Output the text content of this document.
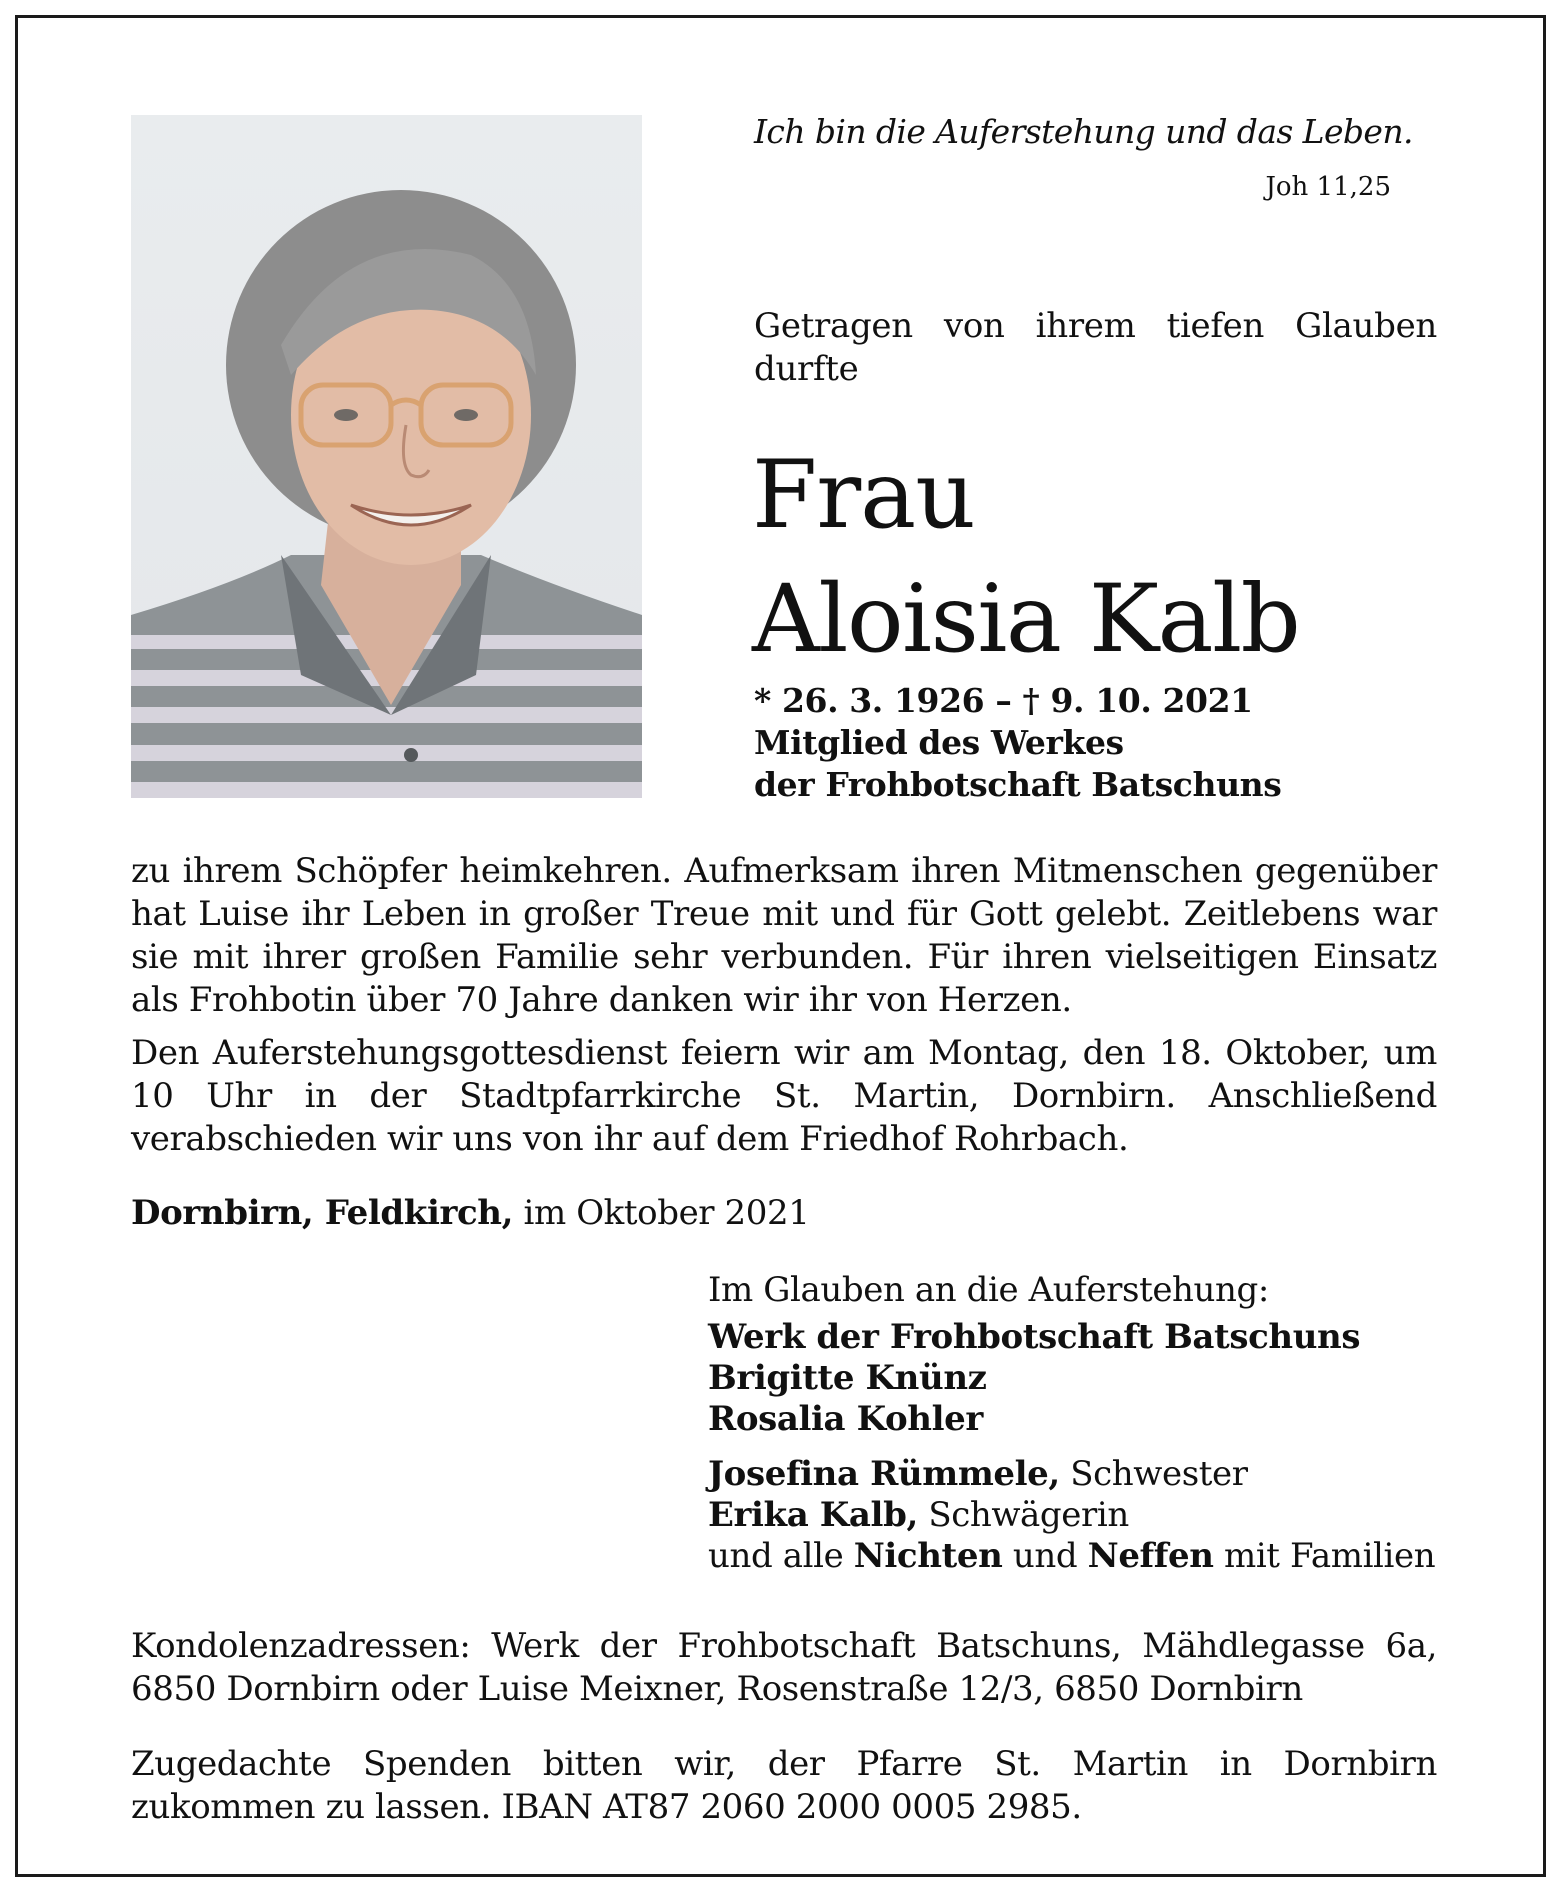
Ich bin die Auferstehung und das Leben.
Joh 11,25
Getragen von ihrem tiefen Glauben durfte
Frau
Aloisia Kalb
* 26. 3. 1926 – † 9. 10. 2021
Mitglied des Werkes
der Frohbotschaft Batschuns
zu ihrem Schöpfer heimkehren. Aufmerksam ihren Mitmenschen gegenüber hat Luise ihr Leben in großer Treue mit und für Gott gelebt. Zeitlebens war sie mit ihrer großen Familie sehr verbunden. Für ihren vielseitigen Einsatz als Frohbotin über 70 Jahre danken wir ihr von Herzen.
Den Auferstehungsgottesdienst feiern wir am Montag, den 18. Oktober, um 10 Uhr in der Stadtpfarrkirche St. Martin, Dornbirn. Anschließend verabschieden wir uns von ihr auf dem Friedhof Rohrbach.
Dornbirn, Feldkirch, im Oktober 2021
Im Glauben an die Auferstehung:
Werk der Frohbotschaft Batschuns
Brigitte Knünz
Rosalia Kohler
Josefina Rümmele, Schwester
Erika Kalb, Schwägerin
und alle Nichten und Neffen mit Familien
Kondolenzadressen: Werk der Frohbotschaft Batschuns, Mähdlegasse 6a, 6850 Dornbirn oder Luise Meixner, Rosenstraße 12/3, 6850 Dornbirn
Zugedachte Spenden bitten wir, der Pfarre St. Martin in Dornbirn zukommen zu lassen. IBAN AT87 2060 2000 0005 2985.
